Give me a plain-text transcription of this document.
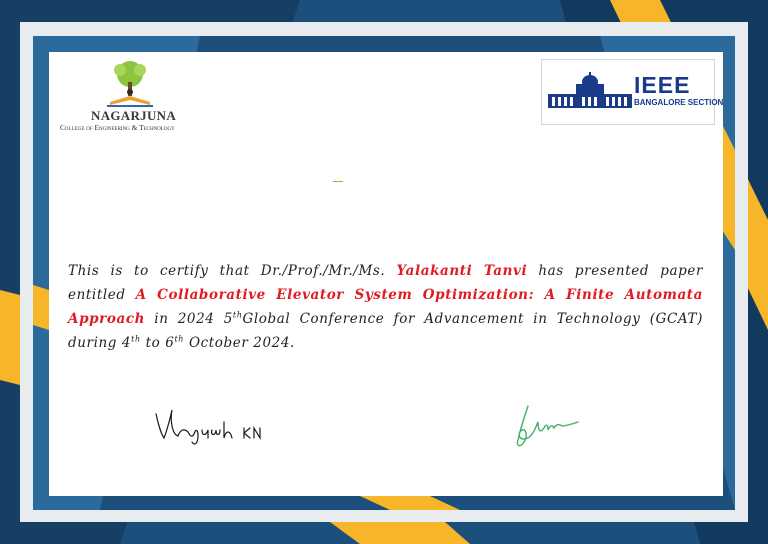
NAGARJUNA
College of Engineering & Technology
IEEE
BANGALORE SECTION
This is to certify that Dr./Prof./Mr./Ms. Yalakanti Tanvi has presented paper entitled A Collaborative Elevator System Optimization: A Finite Automata Approach in 2024 5thGlobal Conference for Advancement in Technology (GCAT) during 4th to 6th October 2024.
